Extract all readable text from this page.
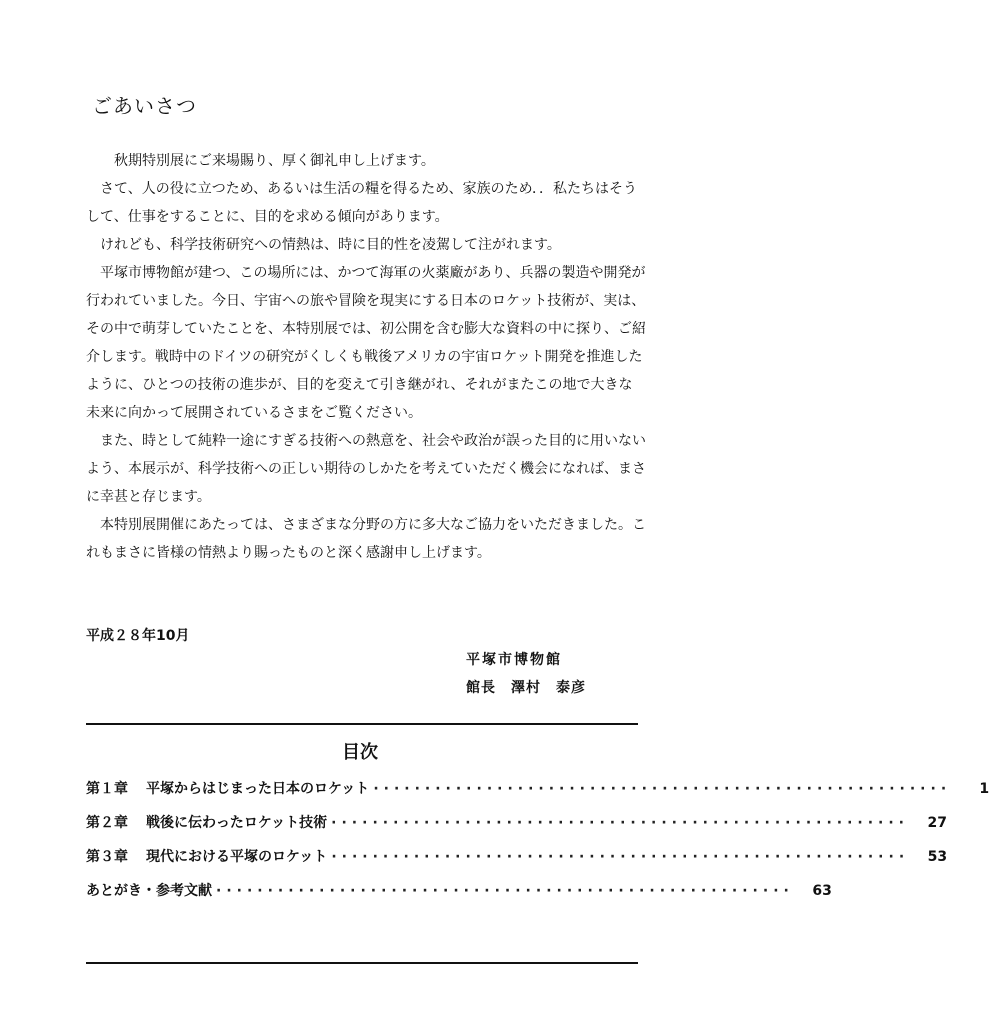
ごあいさつ

秋期特別展にご来場賜り、厚く御礼申し上げます。

さて、人の役に立つため、あるいは生活の糧を得るため、家族のため．．私たちはそうして、仕事をすることに、目的を求める傾向があります。

けれども、科学技術研究への情熱は、時に目的性を凌駕して注がれます。

平塚市博物館が建つ、この場所には、かつて海軍の火薬廠があり、兵器の製造や開発が行われていました。今日、宇宙への旅や冒険を現実にする日本のロケット技術が、実は、その中で萌芽していたことを、本特別展では、初公開を含む膨大な資料の中に探り、ご紹介します。戦時中のドイツの研究がくしくも戦後アメリカの宇宙ロケット開発を推進したように、ひとつの技術の進歩が、目的を変えて引き継がれ、それがまたこの地で大きな未来に向かって展開されているさまをご覧ください。

また、時として純粋一途にすぎる技術への熱意を、社会や政治が誤った目的に用いないよう、本展示が、科学技術への正しい期待のしかたを考えていただく機会になれば、まさに幸甚と存じます。

本特別展開催にあたっては、さまざまな分野の方に多大なご協力をいただきました。これもまさに皆様の情熱より賜ったものと深く感謝申し上げます。

平成２８年10月
平塚市博物館
館長　澤村　泰彦
目次
第１章	平塚からはじまった日本のロケット ························································	1
第２章	戦後に伝わったロケット技術 ························································	27
第３章	現代における平塚のロケット ························································	53
あとがき・参考文献 ························································	63
